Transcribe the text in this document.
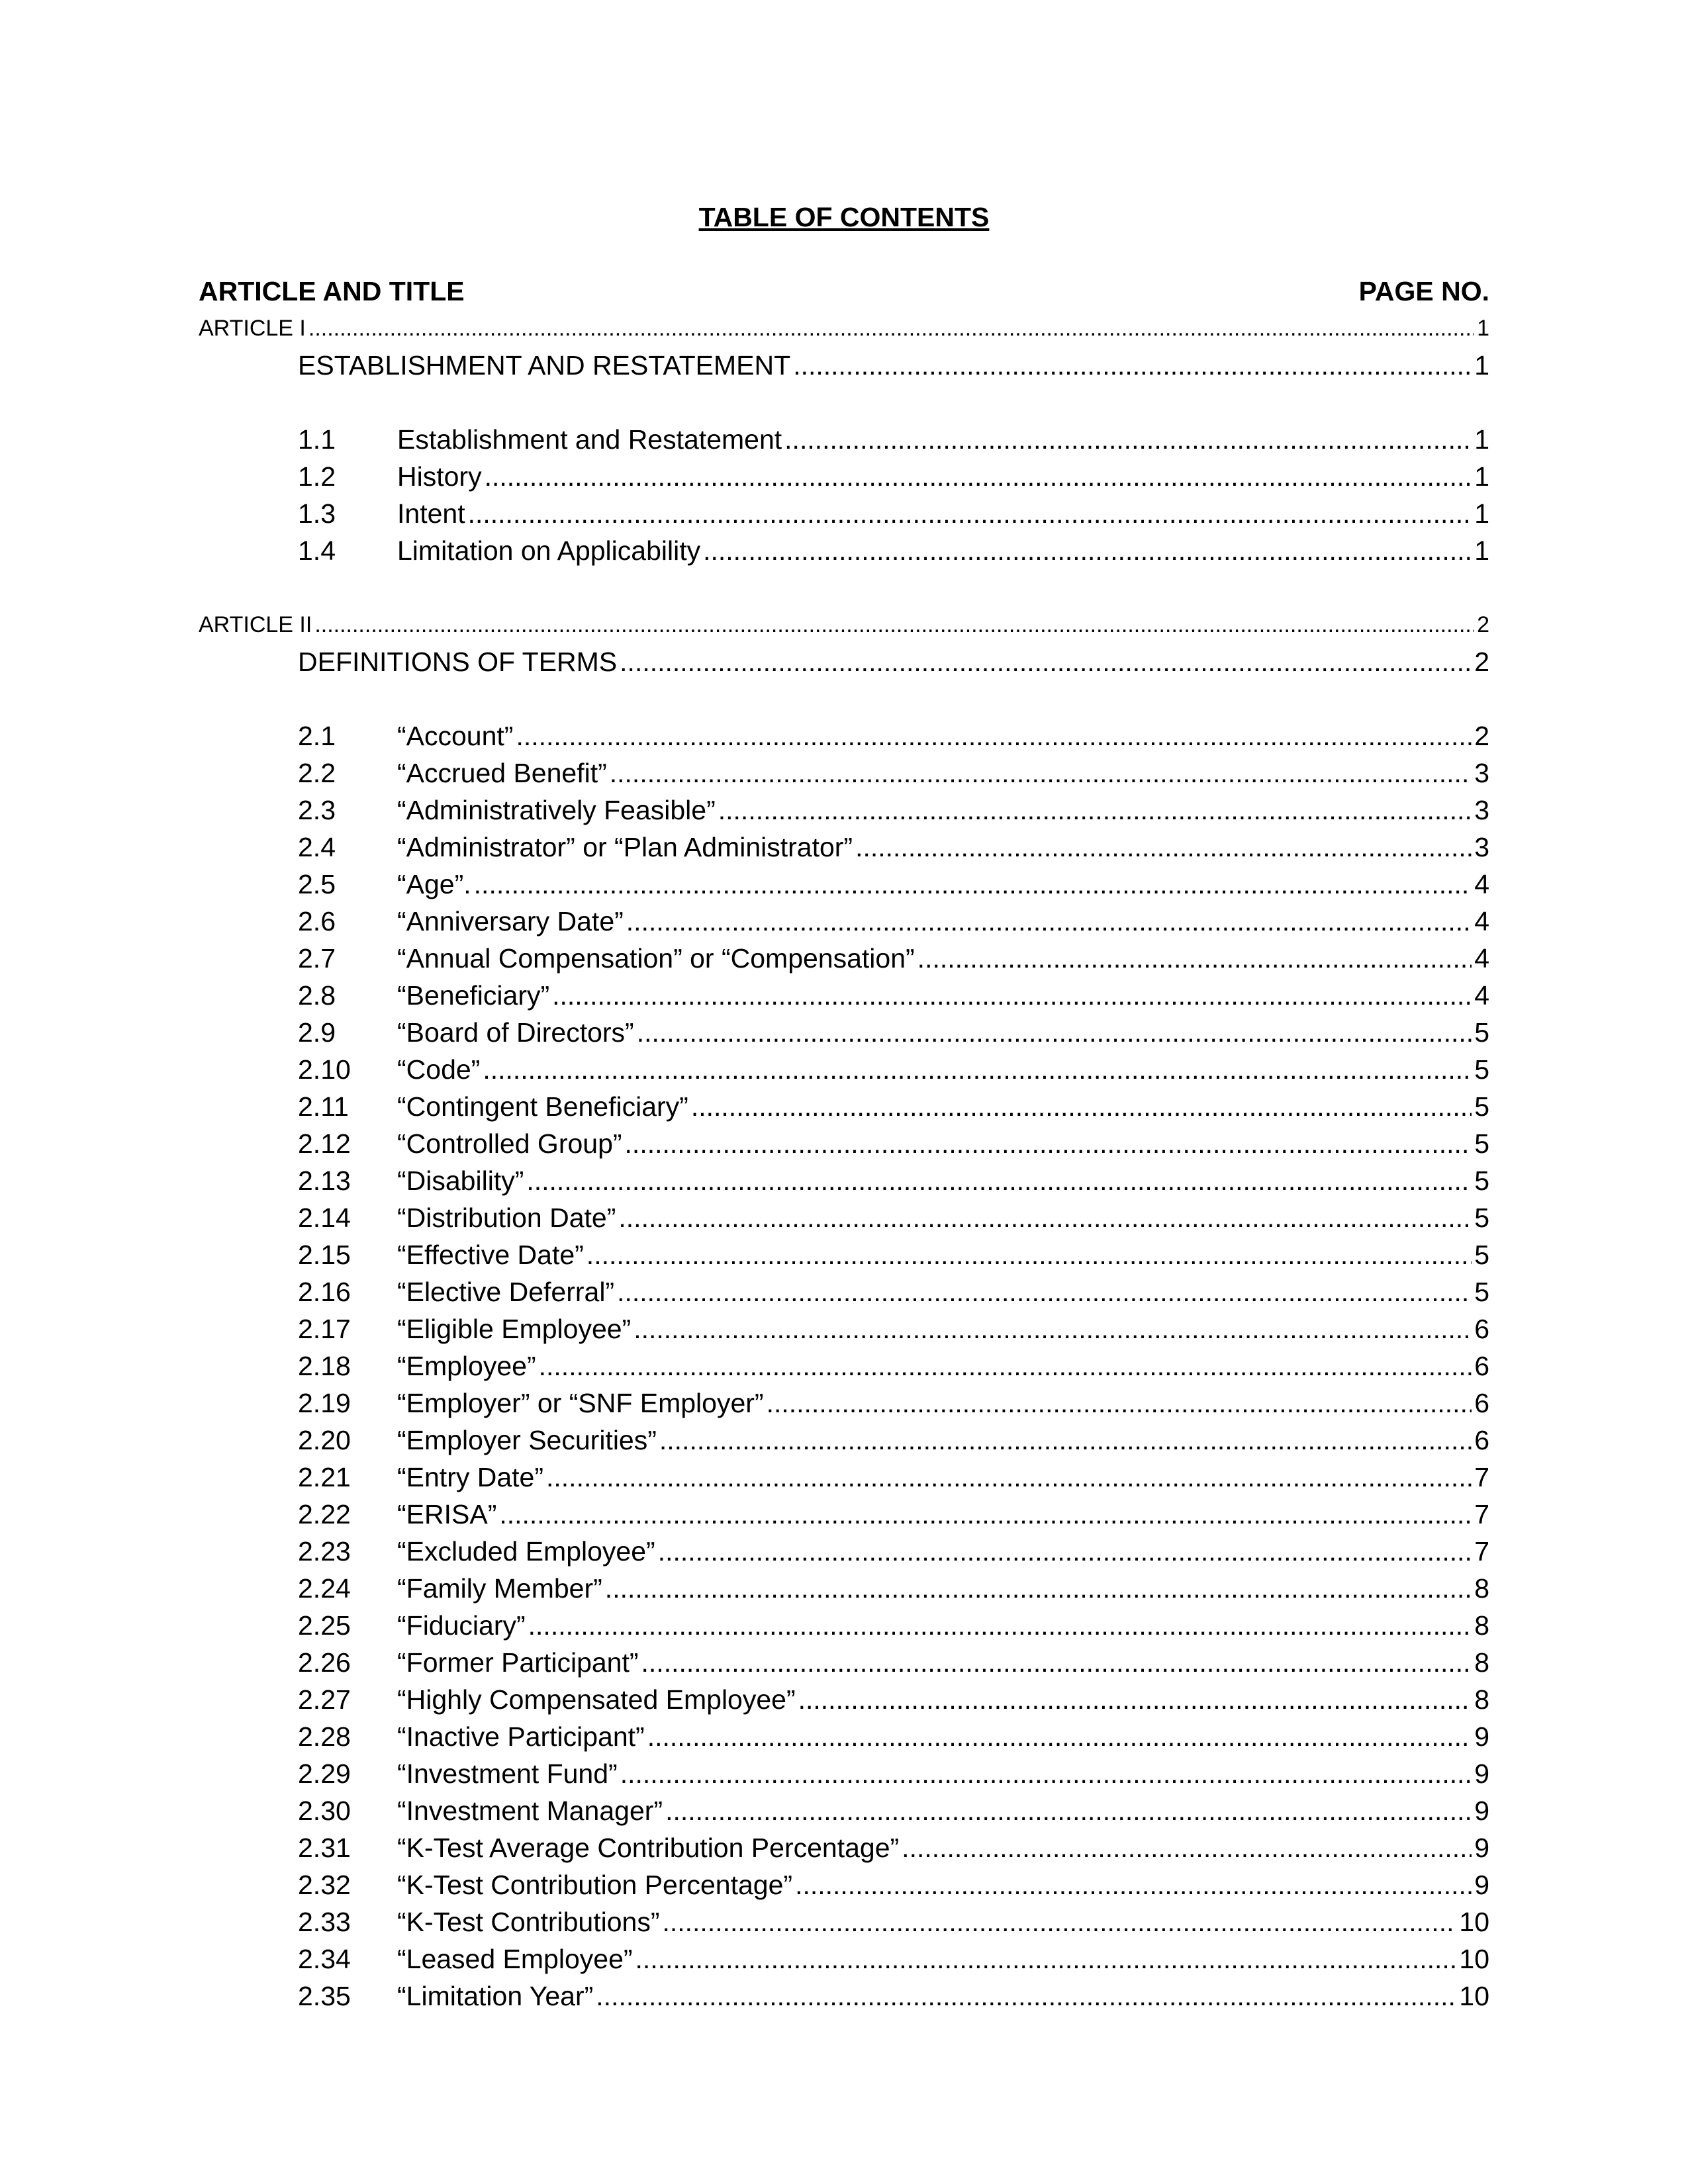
TABLE OF CONTENTS
ARTICLE AND TITLE	PAGE NO.
ARTICLE I .....	1
ESTABLISHMENT AND RESTATEMENT .....	1
1.1	Establishment and Restatement .....	1
1.2	History .....	1
1.3	Intent .....	1
1.4	Limitation on Applicability .....	1
ARTICLE II .....	2
DEFINITIONS OF TERMS .....	2
2.1	“Account” .....	2
2.2	“Accrued Benefit” .....	3
2.3	“Administratively Feasible” .....	3
2.4	“Administrator” or “Plan Administrator” .....	3
2.5	“Age”. .....	4
2.6	“Anniversary Date” .....	4
2.7	“Annual Compensation” or “Compensation” .....	4
2.8	“Beneficiary” .....	4
2.9	“Board of Directors” .....	5
2.10	“Code” .....	5
2.11	“Contingent Beneficiary” .....	5
2.12	“Controlled Group” .....	5
2.13	“Disability” .....	5
2.14	“Distribution Date” .....	5
2.15	“Effective Date” .....	5
2.16	“Elective Deferral” .....	5
2.17	“Eligible Employee” .....	6
2.18	“Employee” .....	6
2.19	“Employer” or “SNF Employer” .....	6
2.20	“Employer Securities” .....	6
2.21	“Entry Date” .....	7
2.22	“ERISA” .....	7
2.23	“Excluded Employee” .....	7
2.24	“Family Member” .....	8
2.25	“Fiduciary” .....	8
2.26	“Former Participant” .....	8
2.27	“Highly Compensated Employee” .....	8
2.28	“Inactive Participant” .....	9
2.29	“Investment Fund” .....	9
2.30	“Investment Manager” .....	9
2.31	“K-Test Average Contribution Percentage” .....	9
2.32	“K-Test Contribution Percentage” .....	9
2.33	“K-Test Contributions” .....	10
2.34	“Leased Employee” .....	10
2.35	“Limitation Year” .....	10
